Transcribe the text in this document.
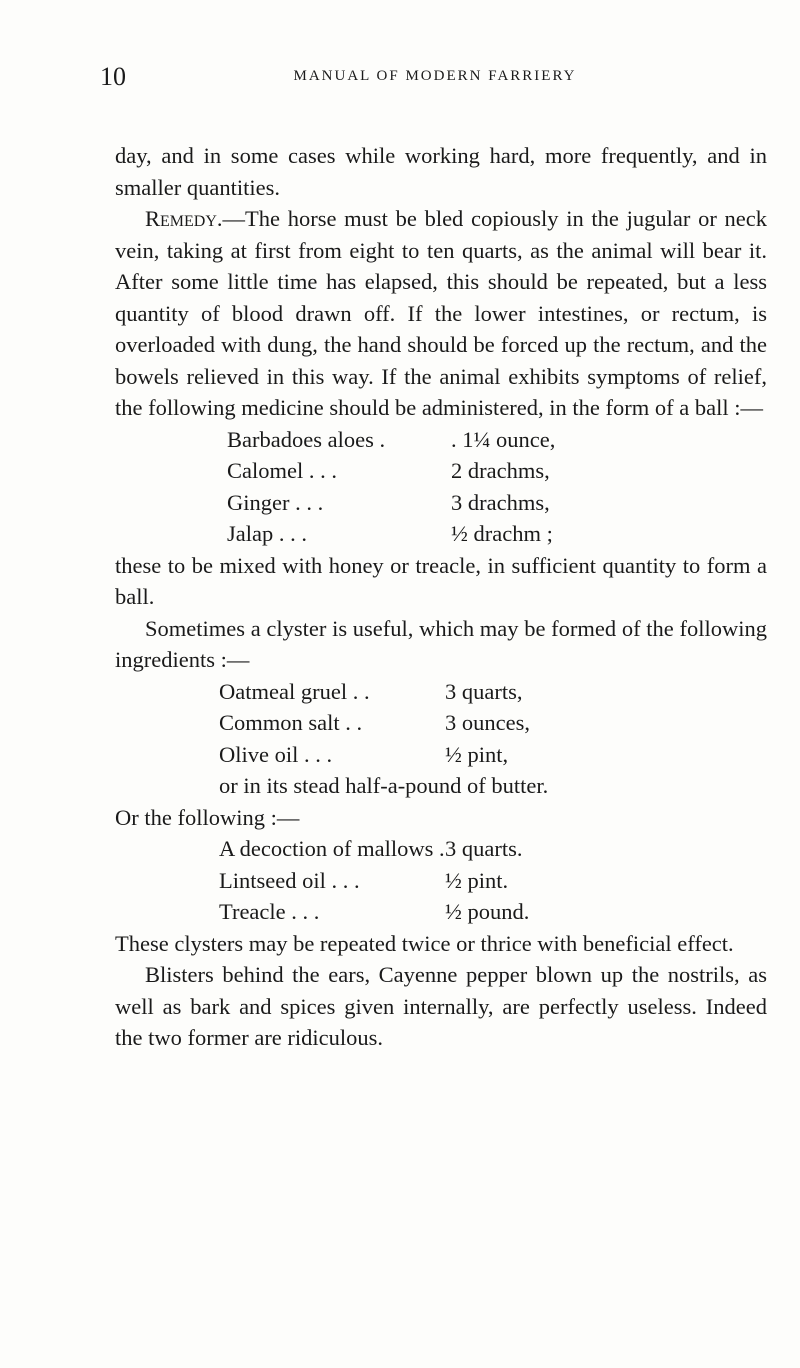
10	MANUAL OF MODERN FARRIERY

day, and in some cases while working hard, more frequently, and in smaller quantities.

Remedy.—The horse must be bled copiously in the jugular or neck vein, taking at first from eight to ten quarts, as the animal will bear it. After some little time has elapsed, this should be repeated, but a less quantity of blood drawn off. If the lower intestines, or rectum, is overloaded with dung, the hand should be forced up the rectum, and the bowels relieved in this way. If the animal exhibits symptoms of relief, the following medicine should be administered, in the form of a ball :—

Barbadoes aloes .	. 1¼ ounce,
Calomel . . .	2 drachms,
Ginger . . .	3 drachms,
Jalap . . .	½ drachm ;

these to be mixed with honey or treacle, in sufficient quantity to form a ball.

Sometimes a clyster is useful, which may be formed of the following ingredients :—

Oatmeal gruel . .	3 quarts,
Common salt . .	3 ounces,
Olive oil . . .	½ pint,
or in its stead half-a-pound of butter.

Or the following :—

A decoction of mallows . 3 quarts.
Lintseed oil . . .	½ pint.
Treacle . . .	½ pound.

These clysters may be repeated twice or thrice with beneficial effect.

Blisters behind the ears, Cayenne pepper blown up the nostrils, as well as bark and spices given internally, are perfectly useless. Indeed the two former are ridiculous.
